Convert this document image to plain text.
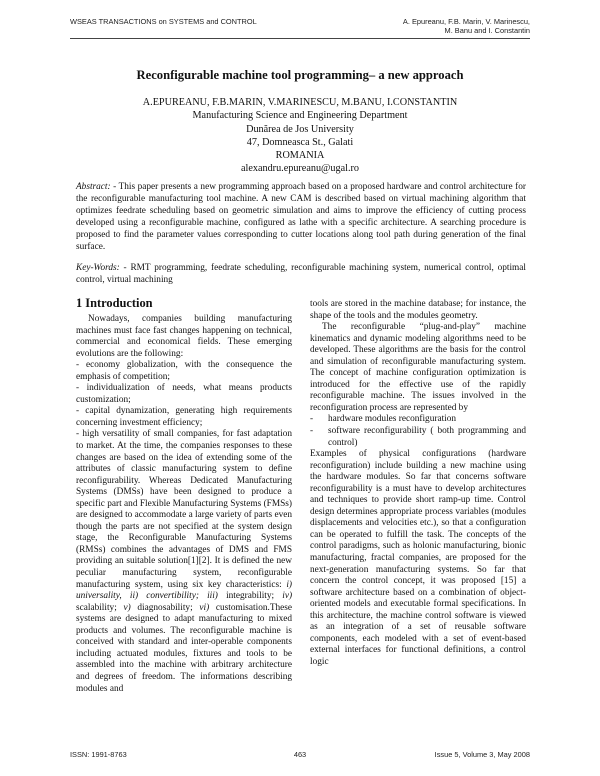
WSEAS TRANSACTIONS on SYSTEMS and CONTROL	A. Epureanu, F.B. Marin, V. Marinescu,
M. Banu and I. Constantin
Reconfigurable machine tool programming– a new approach
A.EPUREANU, F.B.MARIN, V.MARINESCU, M.BANU, I.CONSTANTIN
Manufacturing Science and Engineering Department
Dunărea de Jos University
47, Domneasca St., Galati
ROMANIA
alexandru.epureanu@ugal.ro
Abstract: - This paper presents a new programming approach based on a proposed hardware and control architecture for the reconfigurable manufacturing tool machine. A new CAM is described based on virtual machining algorithm that optimizes feedrate scheduling based on geometric simulation and aims to improve the efficiency of cutting process developed using a reconfigurable machine, configured as lathe with a specific architecture. A searching procedure is proposed to find the parameter values corresponding to cutter locations along tool path during generation of the final surface.
Key-Words: - RMT programming, feedrate scheduling, reconfigurable machining system, numerical control, optimal control, virtual machining
1 Introduction

Nowadays, companies building manufacturing machines must face fast changes happening on technical, commercial and economical fields. These emerging evolutions are the following:

- economy globalization, with the consequence the emphasis of competition;

- individualization of needs, what means products customization;

- capital dynamization, generating high requirements concerning investment efficiency;

- high versatility of small companies, for fast adaptation to market. At the time, the companies responses to these changes are based on the idea of extending some of the attributes of classic manufacturing system to define reconfigurability. Whereas Dedicated Manufacturing Systems (DMSs) have been designed to produce a specific part and Flexible Manufacturing Systems (FMSs) are designed to accommodate a large variety of parts even though the parts are not specified at the system design stage, the Reconfigurable Manufacturing Systems (RMSs) combines the advantages of DMS and FMS providing an suitable solution[1][2]. It is defined the new peculiar manufacturing system, reconfigurable manufacturing system, using six key characteristics: i) universality, ii) convertibility; iii) integrability; iv) scalability; v) diagnosability; vi) customisation.These systems are designed to adapt manufacturing to mixed products and volumes. The reconfigurable machine is conceived with standard and inter-operable components including actuated modules, fixtures and tools to be assembled into the machine with arbitrary architecture and degrees of freedom. The informations describing modules and

tools are stored in the machine database; for instance, the shape of the tools and the modules geometry.

The reconfigurable “plug-and-play” machine kinematics and dynamic modeling algorithms need to be developed. These algorithms are the basis for the control and simulation of reconfigurable manufacturing system. The concept of machine configuration optimization is introduced for the effective use of the rapidly reconfigurable machine. The issues involved in the reconfiguration process are represented by

-	hardware modules reconfiguration
-	software reconfigurability ( both programming and control)

Examples of physical configurations (hardware reconfiguration) include building a new machine using the hardware modules. So far that concerns software reconfigurability is a must have to develop architectures and techniques to provide short ramp-up time. Control design determines appropriate process variables (modules displacements and velocities etc.), so that a configuration can be operated to fulfill the task. The concepts of the control paradigms, such as holonic manufacturing, bionic manufacturing, fractal companies, are proposed for the next-generation manufacturing systems. So far that concern the control concept, it was proposed [15] a software architecture based on a combination of object-oriented models and executable formal specifications. In this architecture, the machine control software is viewed as an integration of a set of reusable software components, each modeled with a set of event-based external interfaces for functional definitions, a control logic

ISSN: 1991-8763	463	Issue 5, Volume 3, May 2008
